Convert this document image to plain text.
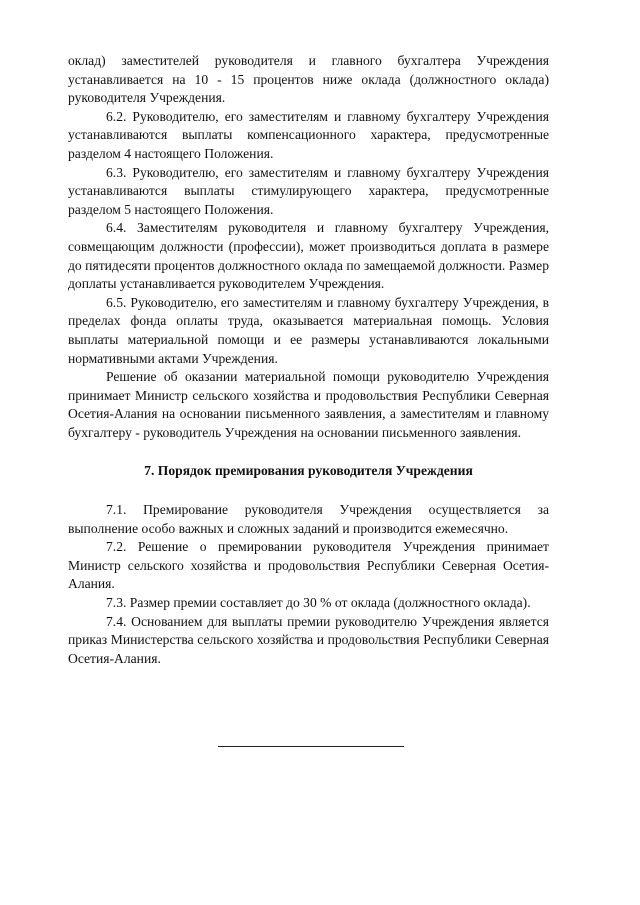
оклад) заместителей руководителя и главного бухгалтера Учреждения устанавливается на 10 - 15 процентов ниже оклада (должностного оклада) руководителя Учреждения.

6.2. Руководителю, его заместителям и главному бухгалтеру Учреждения устанавливаются выплаты компенсационного характера, предусмотренные разделом 4 настоящего Положения.

6.3. Руководителю, его заместителям и главному бухгалтеру Учреждения устанавливаются выплаты стимулирующего характера, предусмотренные разделом 5 настоящего Положения.

6.4. Заместителям руководителя и главному бухгалтеру Учреждения, совмещающим должности (профессии), может производиться доплата в размере до пятидесяти процентов должностного оклада по замещаемой должности. Размер доплаты устанавливается руководителем Учреждения.

6.5. Руководителю, его заместителям и главному бухгалтеру Учреждения, в пределах фонда оплаты труда, оказывается материальная помощь. Условия выплаты материальной помощи и ее размеры устанавливаются локальными нормативными актами Учреждения.

Решение об оказании материальной помощи руководителю Учреждения принимает Министр сельского хозяйства и продовольствия Республики Северная Осетия-Алания на основании письменного заявления, а заместителям и главному бухгалтеру - руководитель Учреждения на основании письменного заявления.

7. Порядок премирования руководителя Учреждения

7.1. Премирование руководителя Учреждения осуществляется за выполнение особо важных и сложных заданий и производится ежемесячно.

7.2. Решение о премировании руководителя Учреждения принимает Министр сельского хозяйства и продовольствия Республики Северная Осетия-Алания.

7.3. Размер премии составляет до 30 % от оклада (должностного оклада).

7.4. Основанием для выплаты премии руководителю Учреждения является приказ Министерства сельского хозяйства и продовольствия Республики Северная Осетия-Алания.
